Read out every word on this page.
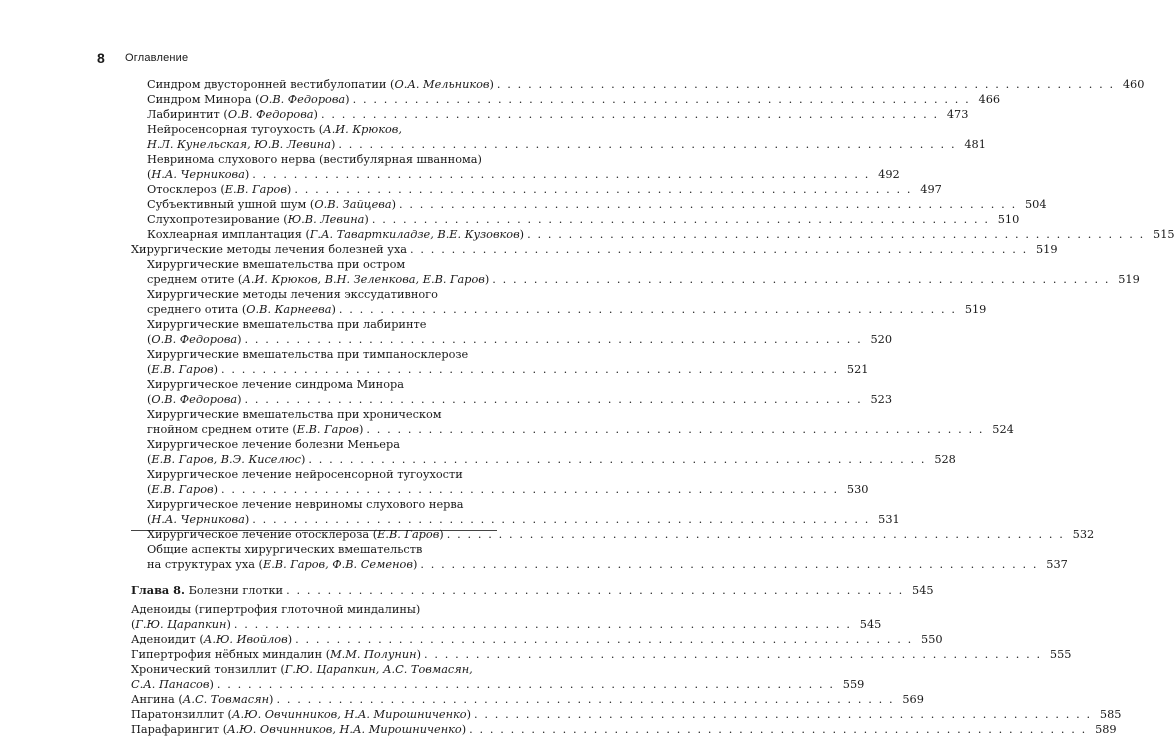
8 Оглавление
Синдром двусторонней вестибулопатии (О.А. Мельников) . . . . . . . . . . . . . . . . . . . . . . . . . . . . . . . . . . . . . . . . . . . . . . . . . . . . . . . . . . . . 460
Синдром Минора (О.В. Федорова) . . . . . . . . . . . . . . . . . . . . . . . . . . . . . . . . . . . . . . . . . . . . . . . . . . . . . . . . . . . . 466
Лабиринтит (О.В. Федорова) . . . . . . . . . . . . . . . . . . . . . . . . . . . . . . . . . . . . . . . . . . . . . . . . . . . . . . . . . . . . 473
Нейросенсорная тугоухость (А.И. Крюков,
Н.Л. Кунельская, Ю.В. Левина) . . . . . . . . . . . . . . . . . . . . . . . . . . . . . . . . . . . . . . . . . . . . . . . . . . . . . . . . . . . . 481
Невринома слухового нерва (вестибулярная шваннома)
(Н.А. Черникова) . . . . . . . . . . . . . . . . . . . . . . . . . . . . . . . . . . . . . . . . . . . . . . . . . . . . . . . . . . . . 492
Отосклероз (Е.В. Гаров) . . . . . . . . . . . . . . . . . . . . . . . . . . . . . . . . . . . . . . . . . . . . . . . . . . . . . . . . . . . . 497
Субъективный ушной шум (О.В. Зайцева) . . . . . . . . . . . . . . . . . . . . . . . . . . . . . . . . . . . . . . . . . . . . . . . . . . . . . . . . . . . . 504
Слухопротезирование (Ю.В. Левина) . . . . . . . . . . . . . . . . . . . . . . . . . . . . . . . . . . . . . . . . . . . . . . . . . . . . . . . . . . . . 510
Кохлеарная имплантация (Г.А. Таварткиладзе, В.Е. Кузовков) . . . . . . . . . . . . . . . . . . . . . . . . . . . . . . . . . . . . . . . . . . . . . . . . . . . . . . . . . . . . 515
Хирургические методы лечения болезней уха . . . . . . . . . . . . . . . . . . . . . . . . . . . . . . . . . . . . . . . . . . . . . . . . . . . . . . . . . . . . 519
Хирургические вмешательства при остром
среднем отите (А.И. Крюков, В.Н. Зеленкова, Е.В. Гаров) . . . . . . . . . . . . . . . . . . . . . . . . . . . . . . . . . . . . . . . . . . . . . . . . . . . . . . . . . . . . 519
Хирургические методы лечения экссудативного
среднего отита (О.В. Карнеева) . . . . . . . . . . . . . . . . . . . . . . . . . . . . . . . . . . . . . . . . . . . . . . . . . . . . . . . . . . . . 519
Хирургические вмешательства при лабиринте
(О.В. Федорова) . . . . . . . . . . . . . . . . . . . . . . . . . . . . . . . . . . . . . . . . . . . . . . . . . . . . . . . . . . . . 520
Хирургические вмешательства при тимпаносклерозе
(Е.В. Гаров) . . . . . . . . . . . . . . . . . . . . . . . . . . . . . . . . . . . . . . . . . . . . . . . . . . . . . . . . . . . . 521
Хирургическое лечение синдрома Минора
(О.В. Федорова) . . . . . . . . . . . . . . . . . . . . . . . . . . . . . . . . . . . . . . . . . . . . . . . . . . . . . . . . . . . . 523
Хирургические вмешательства при хроническом
гнойном среднем отите (Е.В. Гаров) . . . . . . . . . . . . . . . . . . . . . . . . . . . . . . . . . . . . . . . . . . . . . . . . . . . . . . . . . . . . 524
Хирургическое лечение болезни Меньера
(Е.В. Гаров, В.Э. Киселюс) . . . . . . . . . . . . . . . . . . . . . . . . . . . . . . . . . . . . . . . . . . . . . . . . . . . . . . . . . . . . 528
Хирургическое лечение нейросенсорной тугоухости
(Е.В. Гаров) . . . . . . . . . . . . . . . . . . . . . . . . . . . . . . . . . . . . . . . . . . . . . . . . . . . . . . . . . . . . 530
Хирургическое лечение невриномы слухового нерва
(Н.А. Черникова) . . . . . . . . . . . . . . . . . . . . . . . . . . . . . . . . . . . . . . . . . . . . . . . . . . . . . . . . . . . . 531
Хирургическое лечение отосклероза (Е.В. Гаров) . . . . . . . . . . . . . . . . . . . . . . . . . . . . . . . . . . . . . . . . . . . . . . . . . . . . . . . . . . . . 532
Общие аспекты хирургических вмешательств
на структурах уха (Е.В. Гаров, Ф.В. Семенов) . . . . . . . . . . . . . . . . . . . . . . . . . . . . . . . . . . . . . . . . . . . . . . . . . . . . . . . . . . . . 537
Глава 8. Болезни глотки . . . . . . . . . . . . . . . . . . . . . . . . . . . . . . . . . . . . . . . . . . . . . . . . . . . . . . . . . . . . 545
Аденоиды (гипертрофия глоточной миндалины)
(Г.Ю. Царапкин) . . . . . . . . . . . . . . . . . . . . . . . . . . . . . . . . . . . . . . . . . . . . . . . . . . . . . . . . . . . . 545
Аденоидит (А.Ю. Ивойлов) . . . . . . . . . . . . . . . . . . . . . . . . . . . . . . . . . . . . . . . . . . . . . . . . . . . . . . . . . . . . 550
Гипертрофия нёбных миндалин (М.М. Полунин) . . . . . . . . . . . . . . . . . . . . . . . . . . . . . . . . . . . . . . . . . . . . . . . . . . . . . . . . . . . . 555
Хронический тонзиллит (Г.Ю. Царапкин, А.С. Товмасян,
С.А. Панасов) . . . . . . . . . . . . . . . . . . . . . . . . . . . . . . . . . . . . . . . . . . . . . . . . . . . . . . . . . . . . 559
Ангина (А.С. Товмасян) . . . . . . . . . . . . . . . . . . . . . . . . . . . . . . . . . . . . . . . . . . . . . . . . . . . . . . . . . . . . 569
Паратонзиллит (А.Ю. Овчинников, Н.А. Мирошниченко) . . . . . . . . . . . . . . . . . . . . . . . . . . . . . . . . . . . . . . . . . . . . . . . . . . . . . . . . . . . . 585
Парафарингит (А.Ю. Овчинников, Н.А. Мирошниченко) . . . . . . . . . . . . . . . . . . . . . . . . . . . . . . . . . . . . . . . . . . . . . . . . . . . . . . . . . . . . 589
